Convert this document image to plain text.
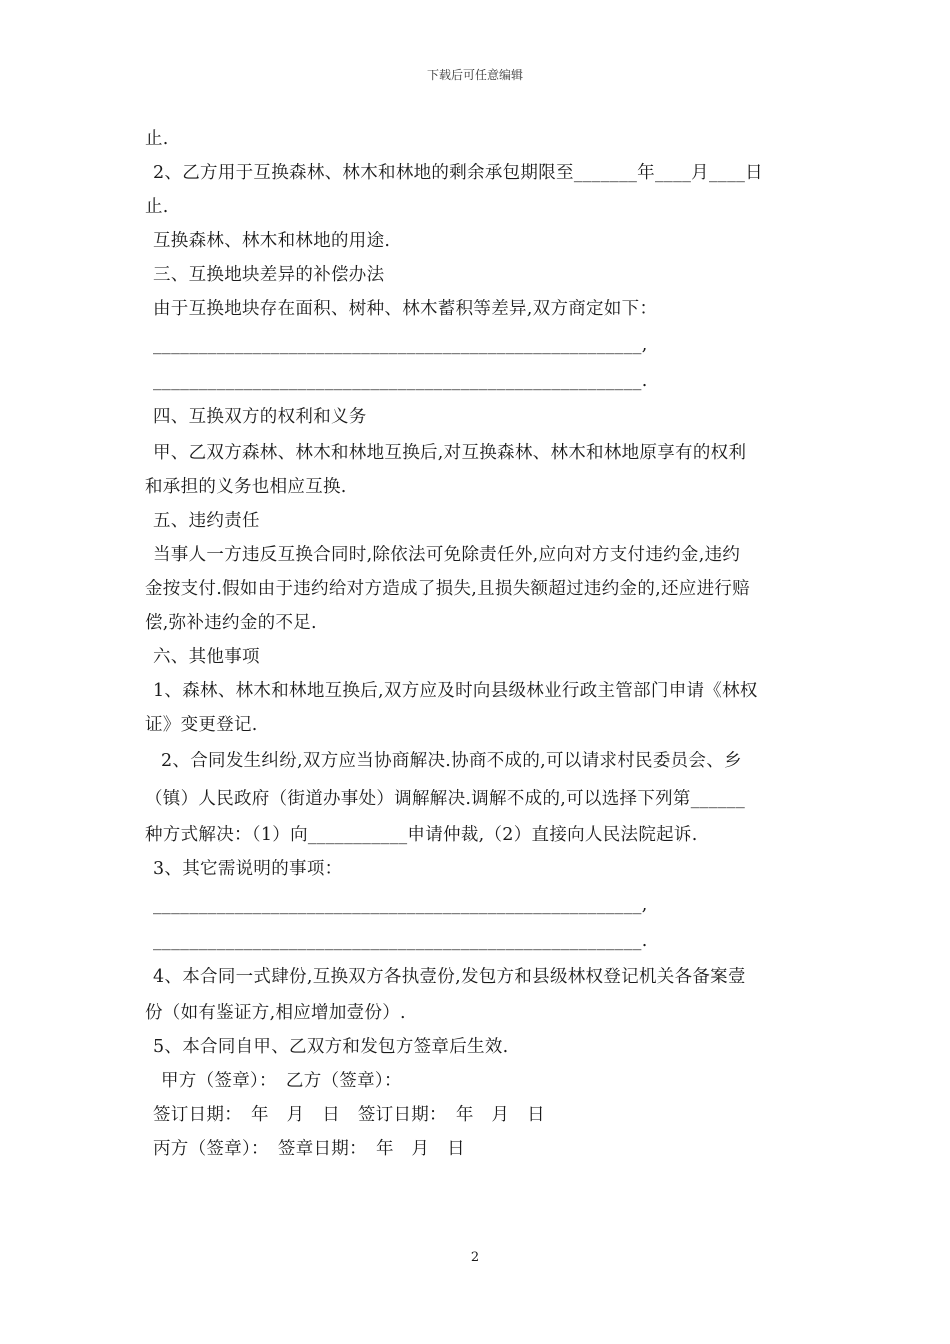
下载后可任意编辑
止.
2、乙方用于互换森林、林木和林地的剩余承包期限至_______年____月____日
止.
互换森林、林木和林地的用途.
三、互换地块差异的补偿办法
由于互换地块存在面积、树种、林木蓄积等差异,双方商定如下：
______________________________________________________,
______________________________________________________.
四、互换双方的权利和义务
甲、乙双方森林、林木和林地互换后,对互换森林、林木和林地原享有的权利
和承担的义务也相应互换.
五、违约责任
当事人一方违反互换合同时,除依法可免除责任外,应向对方支付违约金,违约
金按支付.假如由于违约给对方造成了损失,且损失额超过违约金的,还应进行赔
偿,弥补违约金的不足.
六、其他事项
1、森林、林木和林地互换后,双方应及时向县级林业行政主管部门申请《林权
证》变更登记.
2、合同发生纠纷,双方应当协商解决.协商不成的,可以请求村民委员会、乡
（镇）人民政府（街道办事处）调解解决.调解不成的,可以选择下列第______
种方式解决：（1）向___________申请仲裁,（2）直接向人民法院起诉.
3、其它需说明的事项：
______________________________________________________,
______________________________________________________.
4、本合同一式肆份,互换双方各执壹份,发包方和县级林权登记机关各备案壹
份（如有鉴证方,相应增加壹份）.
5、本合同自甲、乙双方和发包方签章后生效.
甲方（签章）：　乙方（签章）：
签订日期：　年　月　日　签订日期：　年　月　日
丙方（签章）：　签章日期：　年　月　日
2
